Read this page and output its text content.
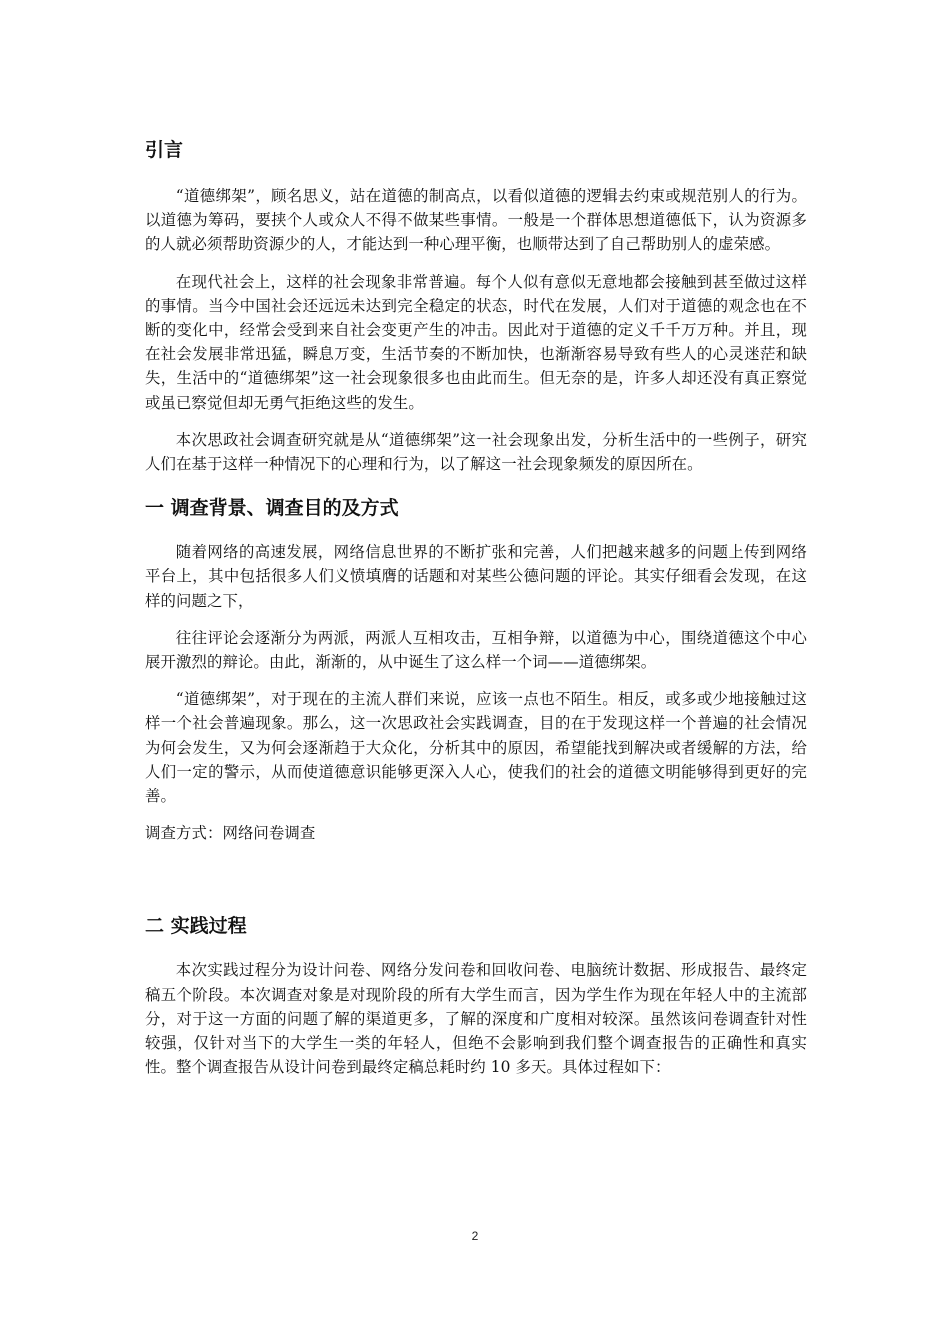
引言

“道德绑架”，顾名思义，站在道德的制高点，以看似道德的逻辑去约束或规范别人的行为。以道德为筹码，要挟个人或众人不得不做某些事情。一般是一个群体思想道德低下，认为资源多的人就必须帮助资源少的人，才能达到一种心理平衡，也顺带达到了自己帮助别人的虚荣感。

在现代社会上，这样的社会现象非常普遍。每个人似有意似无意地都会接触到甚至做过这样的事情。当今中国社会还远远未达到完全稳定的状态，时代在发展，人们对于道德的观念也在不断的变化中，经常会受到来自社会变更产生的冲击。因此对于道德的定义千千万万种。并且，现在社会发展非常迅猛，瞬息万变，生活节奏的不断加快，也渐渐容易导致有些人的心灵迷茫和缺失，生活中的“道德绑架”这一社会现象很多也由此而生。但无奈的是，许多人却还没有真正察觉或虽已察觉但却无勇气拒绝这些的发生。

本次思政社会调查研究就是从“道德绑架”这一社会现象出发，分析生活中的一些例子，研究人们在基于这样一种情况下的心理和行为，以了解这一社会现象频发的原因所在。

一 调查背景、调查目的及方式

随着网络的高速发展，网络信息世界的不断扩张和完善，人们把越来越多的问题上传到网络平台上，其中包括很多人们义愤填膺的话题和对某些公德问题的评论。其实仔细看会发现，在这样的问题之下，

往往评论会逐渐分为两派，两派人互相攻击，互相争辩，以道德为中心，围绕道德这个中心展开激烈的辩论。由此，渐渐的，从中诞生了这么样一个词——道德绑架。

“道德绑架”，对于现在的主流人群们来说，应该一点也不陌生。相反，或多或少地接触过这样一个社会普遍现象。那么，这一次思政社会实践调查，目的在于发现这样一个普遍的社会情况为何会发生，又为何会逐渐趋于大众化，分析其中的原因，希望能找到解决或者缓解的方法，给人们一定的警示，从而使道德意识能够更深入人心，使我们的社会的道德文明能够得到更好的完善。

调查方式：网络问卷调查

二 实践过程

本次实践过程分为设计问卷、网络分发问卷和回收问卷、电脑统计数据、形成报告、最终定稿五个阶段。本次调查对象是对现阶段的所有大学生而言，因为学生作为现在年轻人中的主流部分，对于这一方面的问题了解的渠道更多，了解的深度和广度相对较深。虽然该问卷调查针对性较强，仅针对当下的大学生一类的年轻人，但绝不会影响到我们整个调查报告的正确性和真实性。整个调查报告从设计问卷到最终定稿总耗时约 10 多天。具体过程如下：

2
